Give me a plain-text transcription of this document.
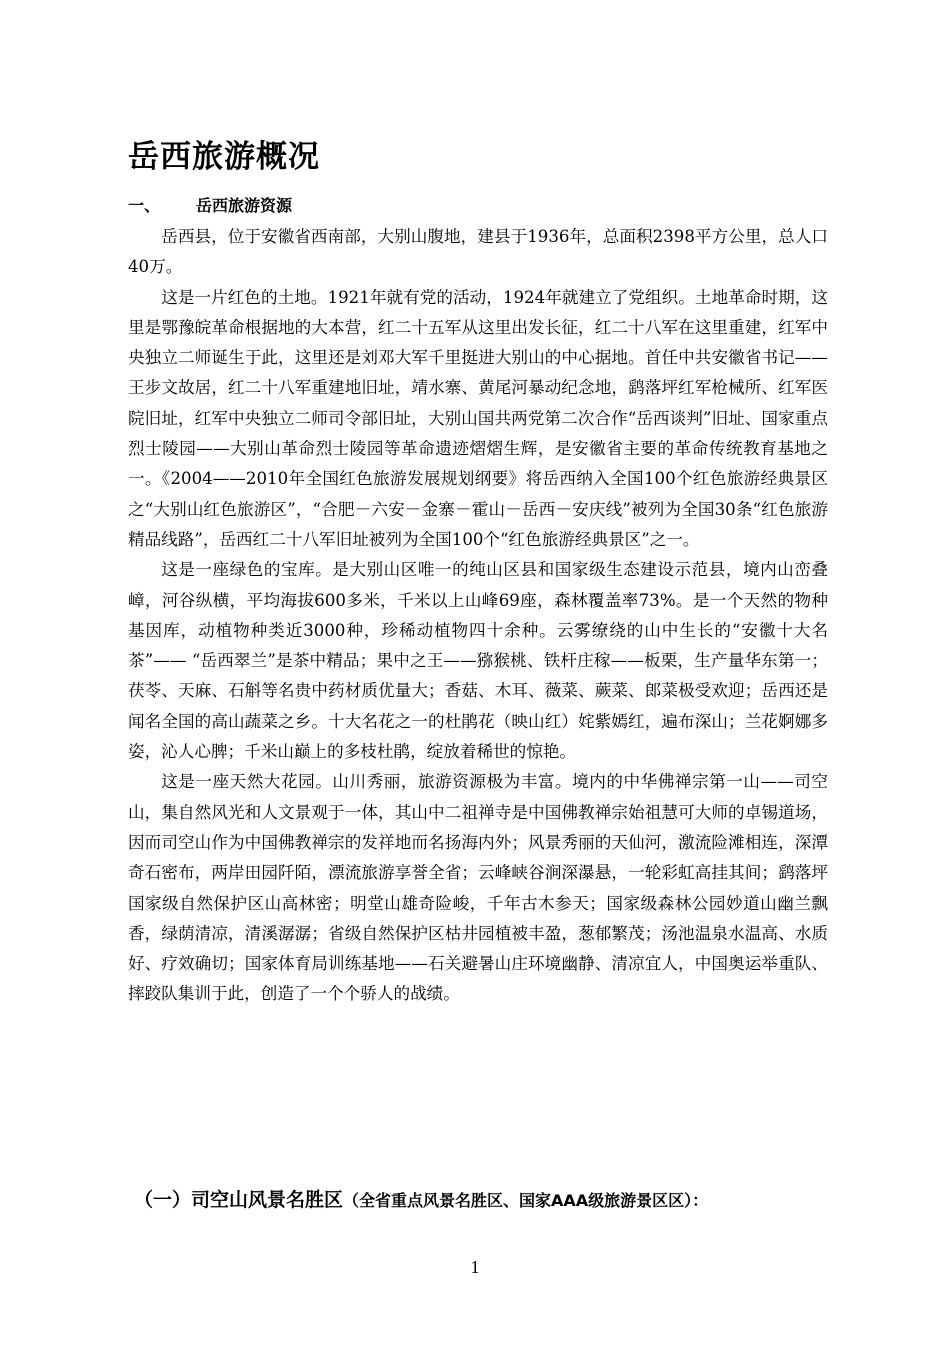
岳西旅游概况
一、 岳西旅游资源

岳西县，位于安徽省西南部，大别山腹地，建县于1936年，总面积2398平方公里，总人口40万。

这是一片红色的土地。1921年就有党的活动，1924年就建立了党组织。土地革命时期，这里是鄂豫皖革命根据地的大本营，红二十五军从这里出发长征，红二十八军在这里重建，红军中央独立二师诞生于此，这里还是刘邓大军千里挺进大别山的中心据地。首任中共安徽省书记——王步文故居，红二十八军重建地旧址，靖水寨、黄尾河暴动纪念地，鹞落坪红军枪械所、红军医院旧址，红军中央独立二师司令部旧址，大别山国共两党第二次合作“岳西谈判”旧址、国家重点烈士陵园——大别山革命烈士陵园等革命遗迹熠熠生辉，是安徽省主要的革命传统教育基地之一。《2004——2010年全国红色旅游发展规划纲要》将岳西纳入全国100个红色旅游经典景区之“大别山红色旅游区”，“合肥－六安－金寨－霍山－岳西－安庆线”被列为全国30条“红色旅游精品线路”，岳西红二十八军旧址被列为全国100个“红色旅游经典景区”之一。

这是一座绿色的宝库。是大别山区唯一的纯山区县和国家级生态建设示范县，境内山峦叠嶂，河谷纵横，平均海拔600多米，千米以上山峰69座，森林覆盖率73%。是一个天然的物种基因库，动植物种类近3000种，珍稀动植物四十余种。云雾缭绕的山中生长的“安徽十大名茶”—— “岳西翠兰”是茶中精品；果中之王——猕猴桃、铁杆庄稼——板栗，生产量华东第一；茯苓、天麻、石斛等名贵中药材质优量大；香菇、木耳、薇菜、蕨菜、郎菜极受欢迎；岳西还是闻名全国的高山蔬菜之乡。十大名花之一的杜鹃花（映山红）姹紫嫣红，遍布深山；兰花婀娜多姿，沁人心脾；千米山巅上的多枝杜鹃，绽放着稀世的惊艳。

这是一座天然大花园。山川秀丽，旅游资源极为丰富。境内的中华佛禅宗第一山——司空山，集自然风光和人文景观于一体，其山中二祖禅寺是中国佛教禅宗始祖慧可大师的卓锡道场，因而司空山作为中国佛教禅宗的发祥地而名扬海内外；风景秀丽的天仙河，激流险滩相连，深潭奇石密布，两岸田园阡陌，漂流旅游享誉全省；云峰峡谷涧深瀑悬，一轮彩虹高挂其间；鹞落坪国家级自然保护区山高林密；明堂山雄奇险峻，千年古木参天；国家级森林公园妙道山幽兰飘香，绿荫清凉，清溪潺潺；省级自然保护区枯井园植被丰盈，葱郁繁茂；汤池温泉水温高、水质好、疗效确切；国家体育局训练基地——石关避暑山庄环境幽静、清凉宜人，中国奥运举重队、摔跤队集训于此，创造了一个个骄人的战绩。

（一）司空山风景名胜区（全省重点风景名胜区、国家AAA级旅游景区区）：
1
